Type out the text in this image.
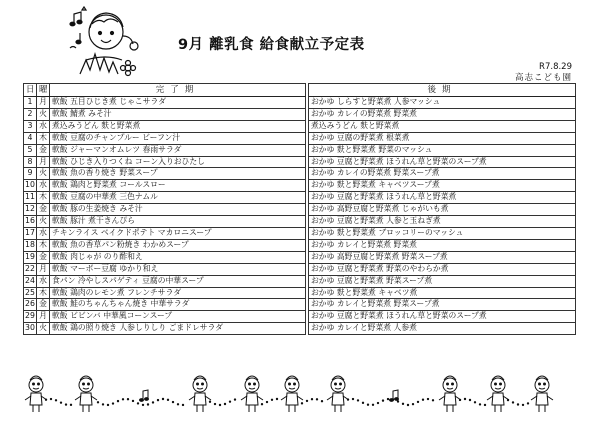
9月 離乳食 給食献立予定表
R7.8.29
高志こども園
日	曜	完了期		後期
1	月	軟飯 五目ひじき煮 じゃこサラダ		おかゆ しらすと野菜煮 人参マッシュ
2	火	軟飯 鯖煮 みそ汁		おかゆ カレイの野菜煮 野菜煮
3	水	煮込みうどん 麩と野菜煮		煮込みうどん 麩と野菜煮
4	木	軟飯 豆腐のチャンプルー ビーフン汁		おかゆ 豆腐の野菜煮 根菜煮
5	金	軟飯 ジャーマンオムレツ 春雨サラダ		おかゆ 麩と野菜煮 野菜のマッシュ
8	月	軟飯 ひじき入りつくね コーン入りおひたし		おかゆ 豆腐と野菜煮 ほうれん草と野菜のスープ煮
9	火	軟飯 魚の香り焼き 野菜スープ		おかゆ カレイの野菜煮 野菜スープ煮
10	水	軟飯 鶏肉と野菜煮 コールスロー		おかゆ 麩と野菜煮 キャベツスープ煮
11	木	軟飯 豆腐の中華煮 三色ナムル		おかゆ 豆腐と野菜煮 ほうれん草と野菜煮
12	金	軟飯 豚の生姜焼き みそ汁		おかゆ 高野豆腐と野菜煮 じゃがいも煮
16	火	軟飯 豚汁 煮干きんぴら		おかゆ 豆腐と野菜煮 人参と玉ねぎ煮
17	水	チキンライス ベイクドポテト マカロニスープ		おかゆ 麩と野菜煮 ブロッコリーのマッシュ
18	木	軟飯 魚の香草パン粉焼き わかめスープ		おかゆ カレイと野菜煮 野菜煮
19	金	軟飯 肉じゃが のり酢和え		おかゆ 高野豆腐と野菜煮 野菜スープ煮
22	月	軟飯 マーボー豆腐 ゆかり和え		おかゆ 豆腐と野菜煮 野菜のやわらか煮
24	水	食パン 冷やしスパゲティ 豆腐の中華スープ		おかゆ 豆腐と野菜煮 野菜スープ煮
25	木	軟飯 鶏肉のレモン煮 フレンチサラダ		おかゆ 麩と野菜煮 キャベツ煮
26	金	軟飯 鮭のちゃんちゃん焼き 中華サラダ		おかゆ カレイと野菜煮 野菜スープ煮
29	月	軟飯 ビビンバ 中華風コーンスープ		おかゆ 豆腐と野菜煮 ほうれん草と野菜のスープ煮
30	火	軟飯 鶏の照り焼き 人参しりしり ごまドレサラダ		おかゆ カレイと野菜煮 人参煮
